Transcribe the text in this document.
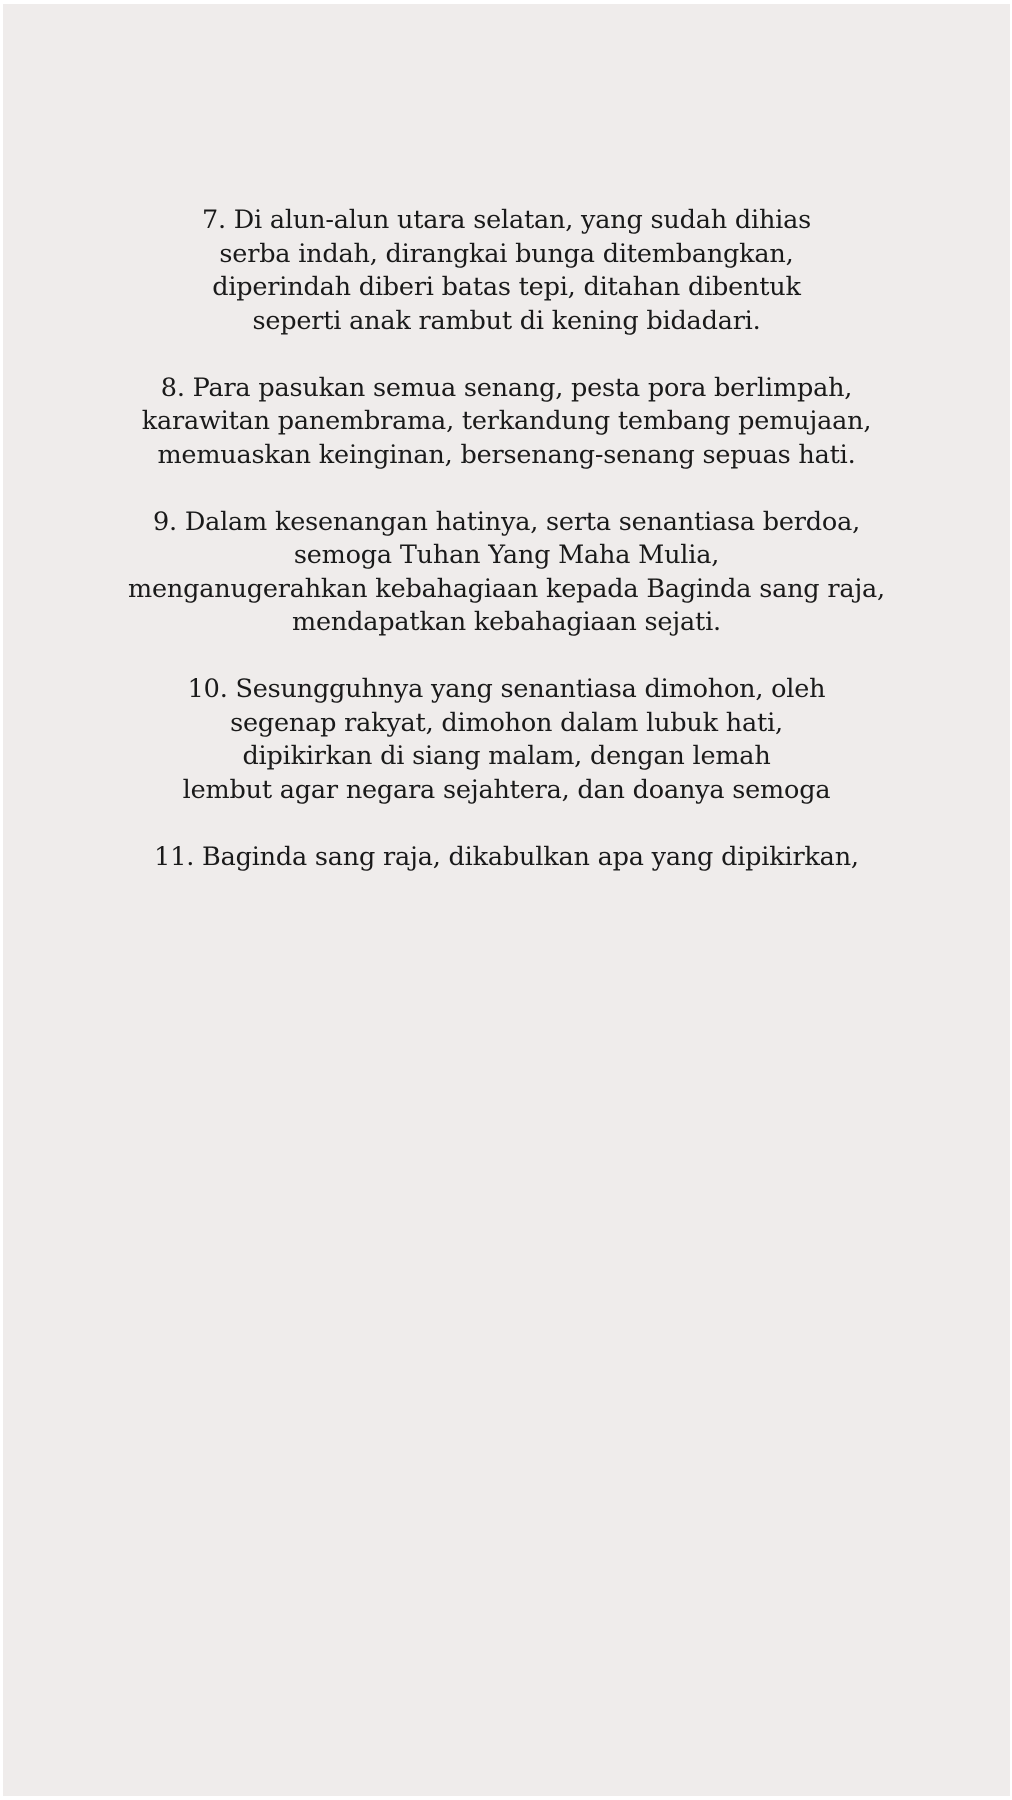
7. Di alun-alun utara selatan, yang sudah dihias
serba indah, dirangkai bunga ditembangkan,
diperindah diberi batas tepi, ditahan dibentuk
seperti anak rambut di kening bidadari.
8. Para pasukan semua senang, pesta pora berlimpah,
karawitan panembrama, terkandung tembang pemujaan,
memuaskan keinginan, bersenang-senang sepuas hati.
9. Dalam kesenangan hatinya, serta senantiasa berdoa,
semoga Tuhan Yang Maha Mulia,
menganugerahkan kebahagiaan kepada Baginda sang raja,
mendapatkan kebahagiaan sejati.
10. Sesungguhnya yang senantiasa dimohon, oleh
segenap rakyat, dimohon dalam lubuk hati,
dipikirkan di siang malam, dengan lemah
lembut agar negara sejahtera, dan doanya semoga
11. Baginda sang raja, dikabulkan apa yang dipikirkan,
